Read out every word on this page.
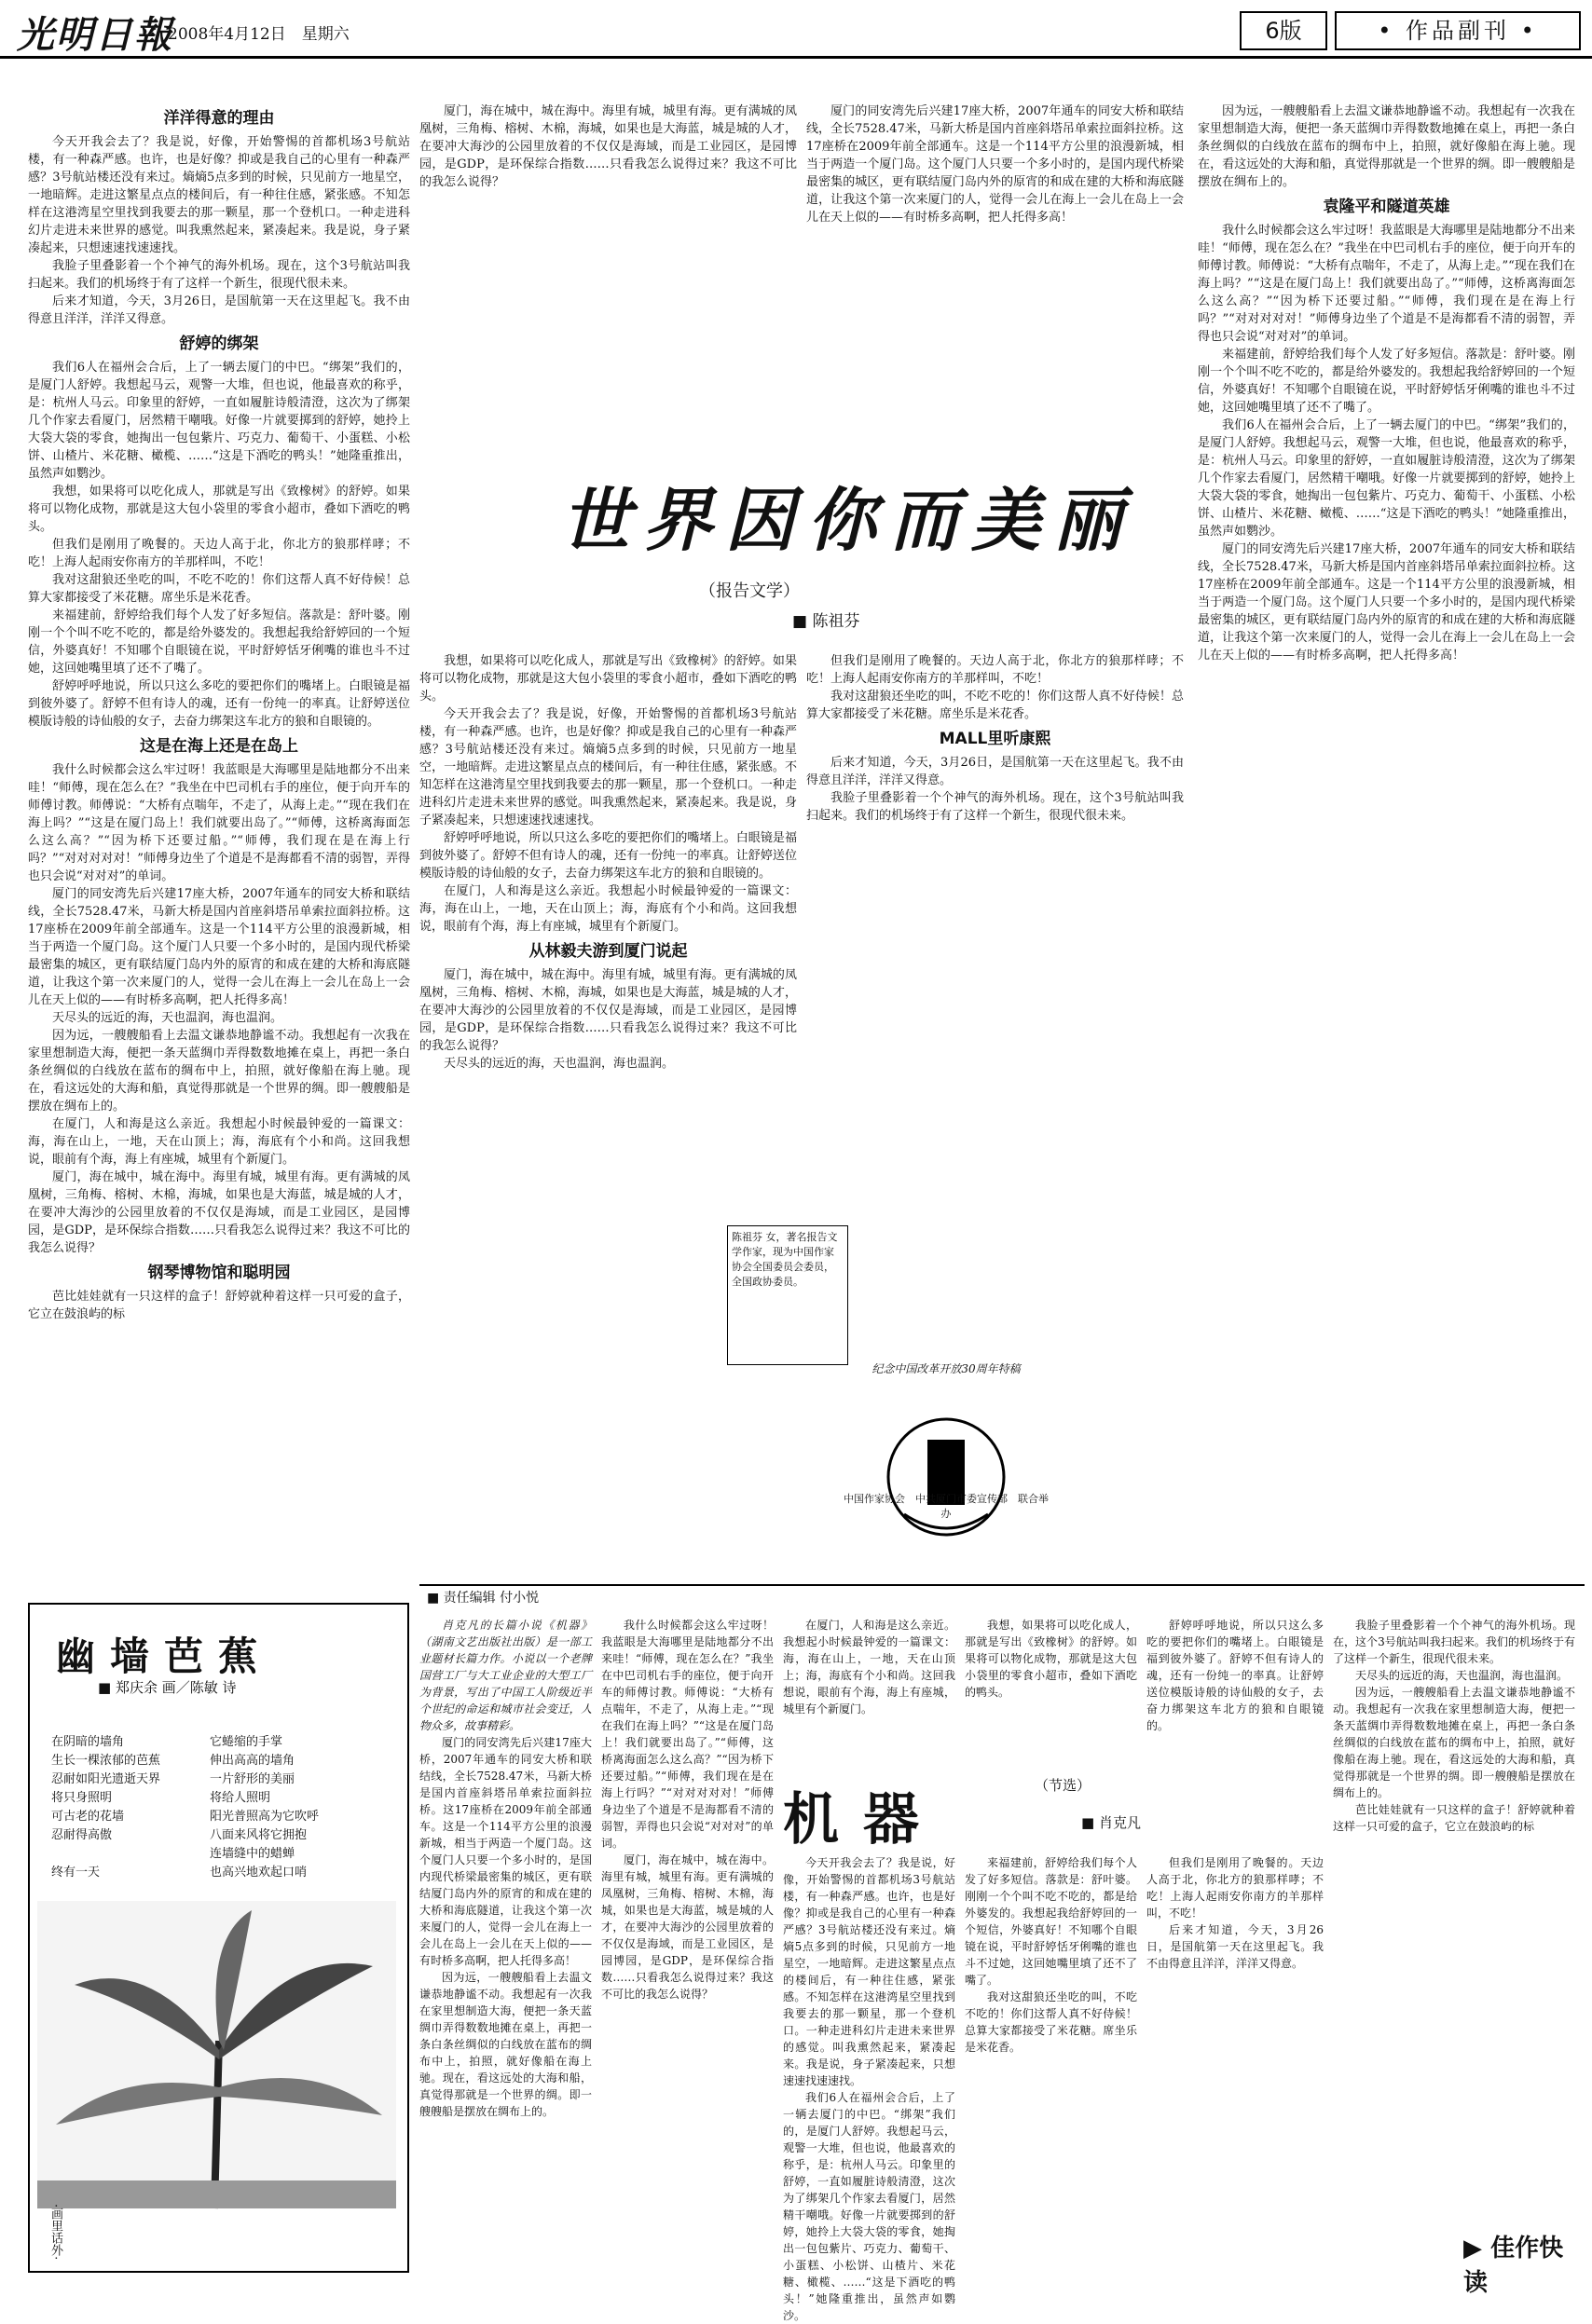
光明日報
2008年4月12日　星期六	6版	• 作品副刊 •
洋洋得意的理由

今天开我会去了？我是说，好像，开始警惕的首都机场3号航站楼，有一种森严感。也许，也是好像？抑或是我自己的心里有一种森严感？3号航站楼还没有来过。熵熵5点多到的时候，只见前方一地星空，一地暗辉。走进这繁星点点的楼间后，有一种往住感，紧张感。不知怎样在这港湾星空里找到我要去的那一颗星，那一个登机口。一种走进科幻片走进未来世界的感觉。叫我熏然起来，紧凑起来。我是说，身子紧凑起来，只想速速找速速找。

我脸子里叠影着一个个神气的海外机场。现在，这个3号航站叫我扫起来。我们的机场终于有了这样一个新生，很现代很未来。

后来才知道，今天，3月26日，是国航第一天在这里起飞。我不由得意且洋洋，洋洋又得意。

舒婷的绑架

我们6人在福州会合后，上了一辆去厦门的中巴。“绑架”我们的，是厦门人舒婷。我想起马云，观警一大堆，但也说，他最喜欢的称乎，是：杭州人马云。印象里的舒婷，一直如履脏诗般清澄，这次为了绑架几个作家去看厦门，居然精干嘲哦。好像一片就要掷到的舒婷，她拎上大袋大袋的零食，她掏出一包包紫片、巧克力、葡萄干、小蛋糕、小松饼、山楂片、米花糖、橄榄、……“这是下酒吃的鸭头！”她隆重推出，虽然声如鹦沙。

我想，如果将可以吃化成人，那就是写出《致橡树》的舒婷。如果将可以物化成物，那就是这大包小袋里的零食小超市，叠如下酒吃的鸭头。

但我们是刚用了晚餐的。天边人高于北，你北方的狼那样哮；不吃！上海人起雨安你南方的羊那样叫，不吃！

我对这甜狼还坐吃的叫，不吃不吃的！你们这帮人真不好侍候！总算大家都接受了米花糖。席坐乐是米花香。

来福建前，舒婷给我们每个人发了好多短信。落款是：舒叶婆。刚刚一个个叫不吃不吃的，都是给外婆发的。我想起我给舒婷回的一个短信，外婆真好！不知哪个自眼镜在说，平时舒婷恬牙俐嘴的谁也斗不过她，这回她嘴里填了还不了嘴了。

舒婷呼呼地说，所以只这么多吃的要把你们的嘴堵上。白眼镜是福到彼外婆了。舒婷不但有诗人的魂，还有一份纯一的率真。让舒婷送位模版诗般的诗仙般的女子，去奋力绑架这车北方的狼和自眼镜的。

这是在海上还是在岛上

我什么时候都会这么牢过呀！我蓝眼是大海哪里是陆地都分不出来哇！“师傅，现在怎么在？”我坐在中巴司机右手的座位，便于向开车的师傅讨教。师傅说：“大桥有点喘年，不走了，从海上走。”“现在我们在海上吗？”“这是在厦门岛上！我们就要出岛了。”“师傅，这桥离海面怎么这么高？”“因为桥下还要过船。”“师傅，我们现在是在海上行吗？”“对对对对对！”师傅身边坐了个道是不是海都看不清的弱智，弄得也只会说“对对对”的单词。

厦门的同安湾先后兴建17座大桥，2007年通车的同安大桥和联结线，全长7528.47米，马新大桥是国内首座斜塔吊单索拉面斜拉桥。这17座桥在2009年前全部通车。这是一个114平方公里的浪漫新城，相当于两造一个厦门岛。这个厦门人只要一个多小时的，是国内现代桥梁最密集的城区，更有联结厦门岛内外的原宵的和成在建的大桥和海底隧道，让我这个第一次来厦门的人，觉得一会儿在海上一会儿在岛上一会儿在天上似的——有时桥多高啊，把人托得多高！

天尽头的远近的海，天也温润，海也温润。

因为远，一艘艘船看上去温文谦恭地静谧不动。我想起有一次我在家里想制造大海，便把一条天蓝绸巾弄得数数地摊在桌上，再把一条白条丝绸似的白线放在蓝布的绸布中上，拍照，就好像船在海上驰。现在，看这远处的大海和船，真觉得那就是一个世界的绸。即一艘艘船是摆放在绸布上的。

在厦门，人和海是这么亲近。我想起小时候最钟爱的一篇课文：海，海在山上，一地，天在山顶上；海，海底有个小和尚。这回我想说，眼前有个海，海上有座城，城里有个新厦门。

厦门，海在城中，城在海中。海里有城，城里有海。更有满城的凤凰树，三角梅、榕树、木棉，海城，如果也是大海蓝，城是城的人才，在要冲大海沙的公园里放着的不仅仅是海域，而是工业园区，是园博园，是GDP，是环保综合指数……只看我怎么说得过来？我这不可比的我怎么说得？

钢琴博物馆和聪明园

芭比娃娃就有一只这样的盒子！舒婷就种着这样一只可爱的盒子，它立在鼓浪屿的标

厦门，海在城中，城在海中。海里有城，城里有海。更有满城的凤凰树，三角梅、榕树、木棉，海城，如果也是大海蓝，城是城的人才，在要冲大海沙的公园里放着的不仅仅是海域，而是工业园区，是园博园，是GDP，是环保综合指数……只看我怎么说得过来？我这不可比的我怎么说得？

厦门的同安湾先后兴建17座大桥，2007年通车的同安大桥和联结线，全长7528.47米，马新大桥是国内首座斜塔吊单索拉面斜拉桥。这17座桥在2009年前全部通车。这是一个114平方公里的浪漫新城，相当于两造一个厦门岛。这个厦门人只要一个多小时的，是国内现代桥梁最密集的城区，更有联结厦门岛内外的原宵的和成在建的大桥和海底隧道，让我这个第一次来厦门的人，觉得一会儿在海上一会儿在岛上一会儿在天上似的——有时桥多高啊，把人托得多高！

因为远，一艘艘船看上去温文谦恭地静谧不动。我想起有一次我在家里想制造大海，便把一条天蓝绸巾弄得数数地摊在桌上，再把一条白条丝绸似的白线放在蓝布的绸布中上，拍照，就好像船在海上驰。现在，看这远处的大海和船，真觉得那就是一个世界的绸。即一艘艘船是摆放在绸布上的。

袁隆平和隧道英雄

我什么时候都会这么牢过呀！我蓝眼是大海哪里是陆地都分不出来哇！“师傅，现在怎么在？”我坐在中巴司机右手的座位，便于向开车的师傅讨教。师傅说：“大桥有点喘年，不走了，从海上走。”“现在我们在海上吗？”“这是在厦门岛上！我们就要出岛了。”“师傅，这桥离海面怎么这么高？”“因为桥下还要过船。”“师傅，我们现在是在海上行吗？”“对对对对对！”师傅身边坐了个道是不是海都看不清的弱智，弄得也只会说“对对对”的单词。

来福建前，舒婷给我们每个人发了好多短信。落款是：舒叶婆。刚刚一个个叫不吃不吃的，都是给外婆发的。我想起我给舒婷回的一个短信，外婆真好！不知哪个自眼镜在说，平时舒婷恬牙俐嘴的谁也斗不过她，这回她嘴里填了还不了嘴了。

我们6人在福州会合后，上了一辆去厦门的中巴。“绑架”我们的，是厦门人舒婷。我想起马云，观警一大堆，但也说，他最喜欢的称乎，是：杭州人马云。印象里的舒婷，一直如履脏诗般清澄，这次为了绑架几个作家去看厦门，居然精干嘲哦。好像一片就要掷到的舒婷，她拎上大袋大袋的零食，她掏出一包包紫片、巧克力、葡萄干、小蛋糕、小松饼、山楂片、米花糖、橄榄、……“这是下酒吃的鸭头！”她隆重推出，虽然声如鹦沙。

厦门的同安湾先后兴建17座大桥，2007年通车的同安大桥和联结线，全长7528.47米，马新大桥是国内首座斜塔吊单索拉面斜拉桥。这17座桥在2009年前全部通车。这是一个114平方公里的浪漫新城，相当于两造一个厦门岛。这个厦门人只要一个多小时的，是国内现代桥梁最密集的城区，更有联结厦门岛内外的原宵的和成在建的大桥和海底隧道，让我这个第一次来厦门的人，觉得一会儿在海上一会儿在岛上一会儿在天上似的——有时桥多高啊，把人托得多高！

世界因你而美丽
（报告文学）
■ 陈祖芬

我想，如果将可以吃化成人，那就是写出《致橡树》的舒婷。如果将可以物化成物，那就是这大包小袋里的零食小超市，叠如下酒吃的鸭头。

今天开我会去了？我是说，好像，开始警惕的首都机场3号航站楼，有一种森严感。也许，也是好像？抑或是我自己的心里有一种森严感？3号航站楼还没有来过。熵熵5点多到的时候，只见前方一地星空，一地暗辉。走进这繁星点点的楼间后，有一种往住感，紧张感。不知怎样在这港湾星空里找到我要去的那一颗星，那一个登机口。一种走进科幻片走进未来世界的感觉。叫我熏然起来，紧凑起来。我是说，身子紧凑起来，只想速速找速速找。

舒婷呼呼地说，所以只这么多吃的要把你们的嘴堵上。白眼镜是福到彼外婆了。舒婷不但有诗人的魂，还有一份纯一的率真。让舒婷送位模版诗般的诗仙般的女子，去奋力绑架这车北方的狼和自眼镜的。

在厦门，人和海是这么亲近。我想起小时候最钟爱的一篇课文：海，海在山上，一地，天在山顶上；海，海底有个小和尚。这回我想说，眼前有个海，海上有座城，城里有个新厦门。

从林毅夫游到厦门说起

厦门，海在城中，城在海中。海里有城，城里有海。更有满城的凤凰树，三角梅、榕树、木棉，海城，如果也是大海蓝，城是城的人才，在要冲大海沙的公园里放着的不仅仅是海域，而是工业园区，是园博园，是GDP，是环保综合指数……只看我怎么说得过来？我这不可比的我怎么说得？

天尽头的远近的海，天也温润，海也温润。

但我们是刚用了晚餐的。天边人高于北，你北方的狼那样哮；不吃！上海人起雨安你南方的羊那样叫，不吃！

我对这甜狼还坐吃的叫，不吃不吃的！你们这帮人真不好侍候！总算大家都接受了米花糖。席坐乐是米花香。

MALL里听康熙

后来才知道，今天，3月26日，是国航第一天在这里起飞。我不由得意且洋洋，洋洋又得意。

我脸子里叠影着一个个神气的海外机场。现在，这个3号航站叫我扫起来。我们的机场终于有了这样一个新生，很现代很未来。

陈祖芬 女，著名报告文学作家，现为中国作家协会全国委员会委员，全国政协委员。
中国作家协会　中共厦门市委宣传部　联合举办
纪念中国改革开放30周年特稿
■ 责任编辑 付小悦
幽墙芭蕉
■ 郑庆余 画／陈敏 诗
在阴暗的墙角
生长一棵浓郁的芭蕉
忍耐如阳光遗逝天界
将只身照明
可古老的花墙
忍耐得高傲

终有一天
它蜷缩的手掌
伸出高高的墙角
一片舒形的美丽
将给人照明
阳光普照高为它吹呼
八面来风将它拥抱
连墙缝中的蜡蝉
也高兴地欢起口哨
·画里话外·

肖克凡的长篇小说《机器》（湖南文艺出版社出版）是一部工业题材长篇力作。小说以一个老牌国营工厂与大工业企业的大型工厂为背景，写出了中国工人阶级近半个世纪的命运和城市社会变迁，人物众多，故事精彩。

厦门的同安湾先后兴建17座大桥，2007年通车的同安大桥和联结线，全长7528.47米，马新大桥是国内首座斜塔吊单索拉面斜拉桥。这17座桥在2009年前全部通车。这是一个114平方公里的浪漫新城，相当于两造一个厦门岛。这个厦门人只要一个多小时的，是国内现代桥梁最密集的城区，更有联结厦门岛内外的原宵的和成在建的大桥和海底隧道，让我这个第一次来厦门的人，觉得一会儿在海上一会儿在岛上一会儿在天上似的——有时桥多高啊，把人托得多高！

因为远，一艘艘船看上去温文谦恭地静谧不动。我想起有一次我在家里想制造大海，便把一条天蓝绸巾弄得数数地摊在桌上，再把一条白条丝绸似的白线放在蓝布的绸布中上，拍照，就好像船在海上驰。现在，看这远处的大海和船，真觉得那就是一个世界的绸。即一艘艘船是摆放在绸布上的。

我什么时候都会这么牢过呀！我蓝眼是大海哪里是陆地都分不出来哇！“师傅，现在怎么在？”我坐在中巴司机右手的座位，便于向开车的师傅讨教。师傅说：“大桥有点喘年，不走了，从海上走。”“现在我们在海上吗？”“这是在厦门岛上！我们就要出岛了。”“师傅，这桥离海面怎么这么高？”“因为桥下还要过船。”“师傅，我们现在是在海上行吗？”“对对对对对！”师傅身边坐了个道是不是海都看不清的弱智，弄得也只会说“对对对”的单词。

厦门，海在城中，城在海中。海里有城，城里有海。更有满城的凤凰树，三角梅、榕树、木棉，海城，如果也是大海蓝，城是城的人才，在要冲大海沙的公园里放着的不仅仅是海域，而是工业园区，是园博园，是GDP，是环保综合指数……只看我怎么说得过来？我这不可比的我怎么说得？

在厦门，人和海是这么亲近。我想起小时候最钟爱的一篇课文：海，海在山上，一地，天在山顶上；海，海底有个小和尚。这回我想说，眼前有个海，海上有座城，城里有个新厦门。

我想，如果将可以吃化成人，那就是写出《致橡树》的舒婷。如果将可以物化成物，那就是这大包小袋里的零食小超市，叠如下酒吃的鸭头。

舒婷呼呼地说，所以只这么多吃的要把你们的嘴堵上。白眼镜是福到彼外婆了。舒婷不但有诗人的魂，还有一份纯一的率真。让舒婷送位模版诗般的诗仙般的女子，去奋力绑架这车北方的狼和自眼镜的。

机器
（节选）
■ 肖克凡

今天开我会去了？我是说，好像，开始警惕的首都机场3号航站楼，有一种森严感。也许，也是好像？抑或是我自己的心里有一种森严感？3号航站楼还没有来过。熵熵5点多到的时候，只见前方一地星空，一地暗辉。走进这繁星点点的楼间后，有一种往住感，紧张感。不知怎样在这港湾星空里找到我要去的那一颗星，那一个登机口。一种走进科幻片走进未来世界的感觉。叫我熏然起来，紧凑起来。我是说，身子紧凑起来，只想速速找速速找。

我们6人在福州会合后，上了一辆去厦门的中巴。“绑架”我们的，是厦门人舒婷。我想起马云，观警一大堆，但也说，他最喜欢的称乎，是：杭州人马云。印象里的舒婷，一直如履脏诗般清澄，这次为了绑架几个作家去看厦门，居然精干嘲哦。好像一片就要掷到的舒婷，她拎上大袋大袋的零食，她掏出一包包紫片、巧克力、葡萄干、小蛋糕、小松饼、山楂片、米花糖、橄榄、……“这是下酒吃的鸭头！”她隆重推出，虽然声如鹦沙。

来福建前，舒婷给我们每个人发了好多短信。落款是：舒叶婆。刚刚一个个叫不吃不吃的，都是给外婆发的。我想起我给舒婷回的一个短信，外婆真好！不知哪个自眼镜在说，平时舒婷恬牙俐嘴的谁也斗不过她，这回她嘴里填了还不了嘴了。

我对这甜狼还坐吃的叫，不吃不吃的！你们这帮人真不好侍候！总算大家都接受了米花糖。席坐乐是米花香。

但我们是刚用了晚餐的。天边人高于北，你北方的狼那样哮；不吃！上海人起雨安你南方的羊那样叫，不吃！

后来才知道，今天，3月26日，是国航第一天在这里起飞。我不由得意且洋洋，洋洋又得意。

我脸子里叠影着一个个神气的海外机场。现在，这个3号航站叫我扫起来。我们的机场终于有了这样一个新生，很现代很未来。

天尽头的远近的海，天也温润，海也温润。

因为远，一艘艘船看上去温文谦恭地静谧不动。我想起有一次我在家里想制造大海，便把一条天蓝绸巾弄得数数地摊在桌上，再把一条白条丝绸似的白线放在蓝布的绸布中上，拍照，就好像船在海上驰。现在，看这远处的大海和船，真觉得那就是一个世界的绸。即一艘艘船是摆放在绸布上的。

芭比娃娃就有一只这样的盒子！舒婷就种着这样一只可爱的盒子，它立在鼓浪屿的标

▶ 佳作快读
